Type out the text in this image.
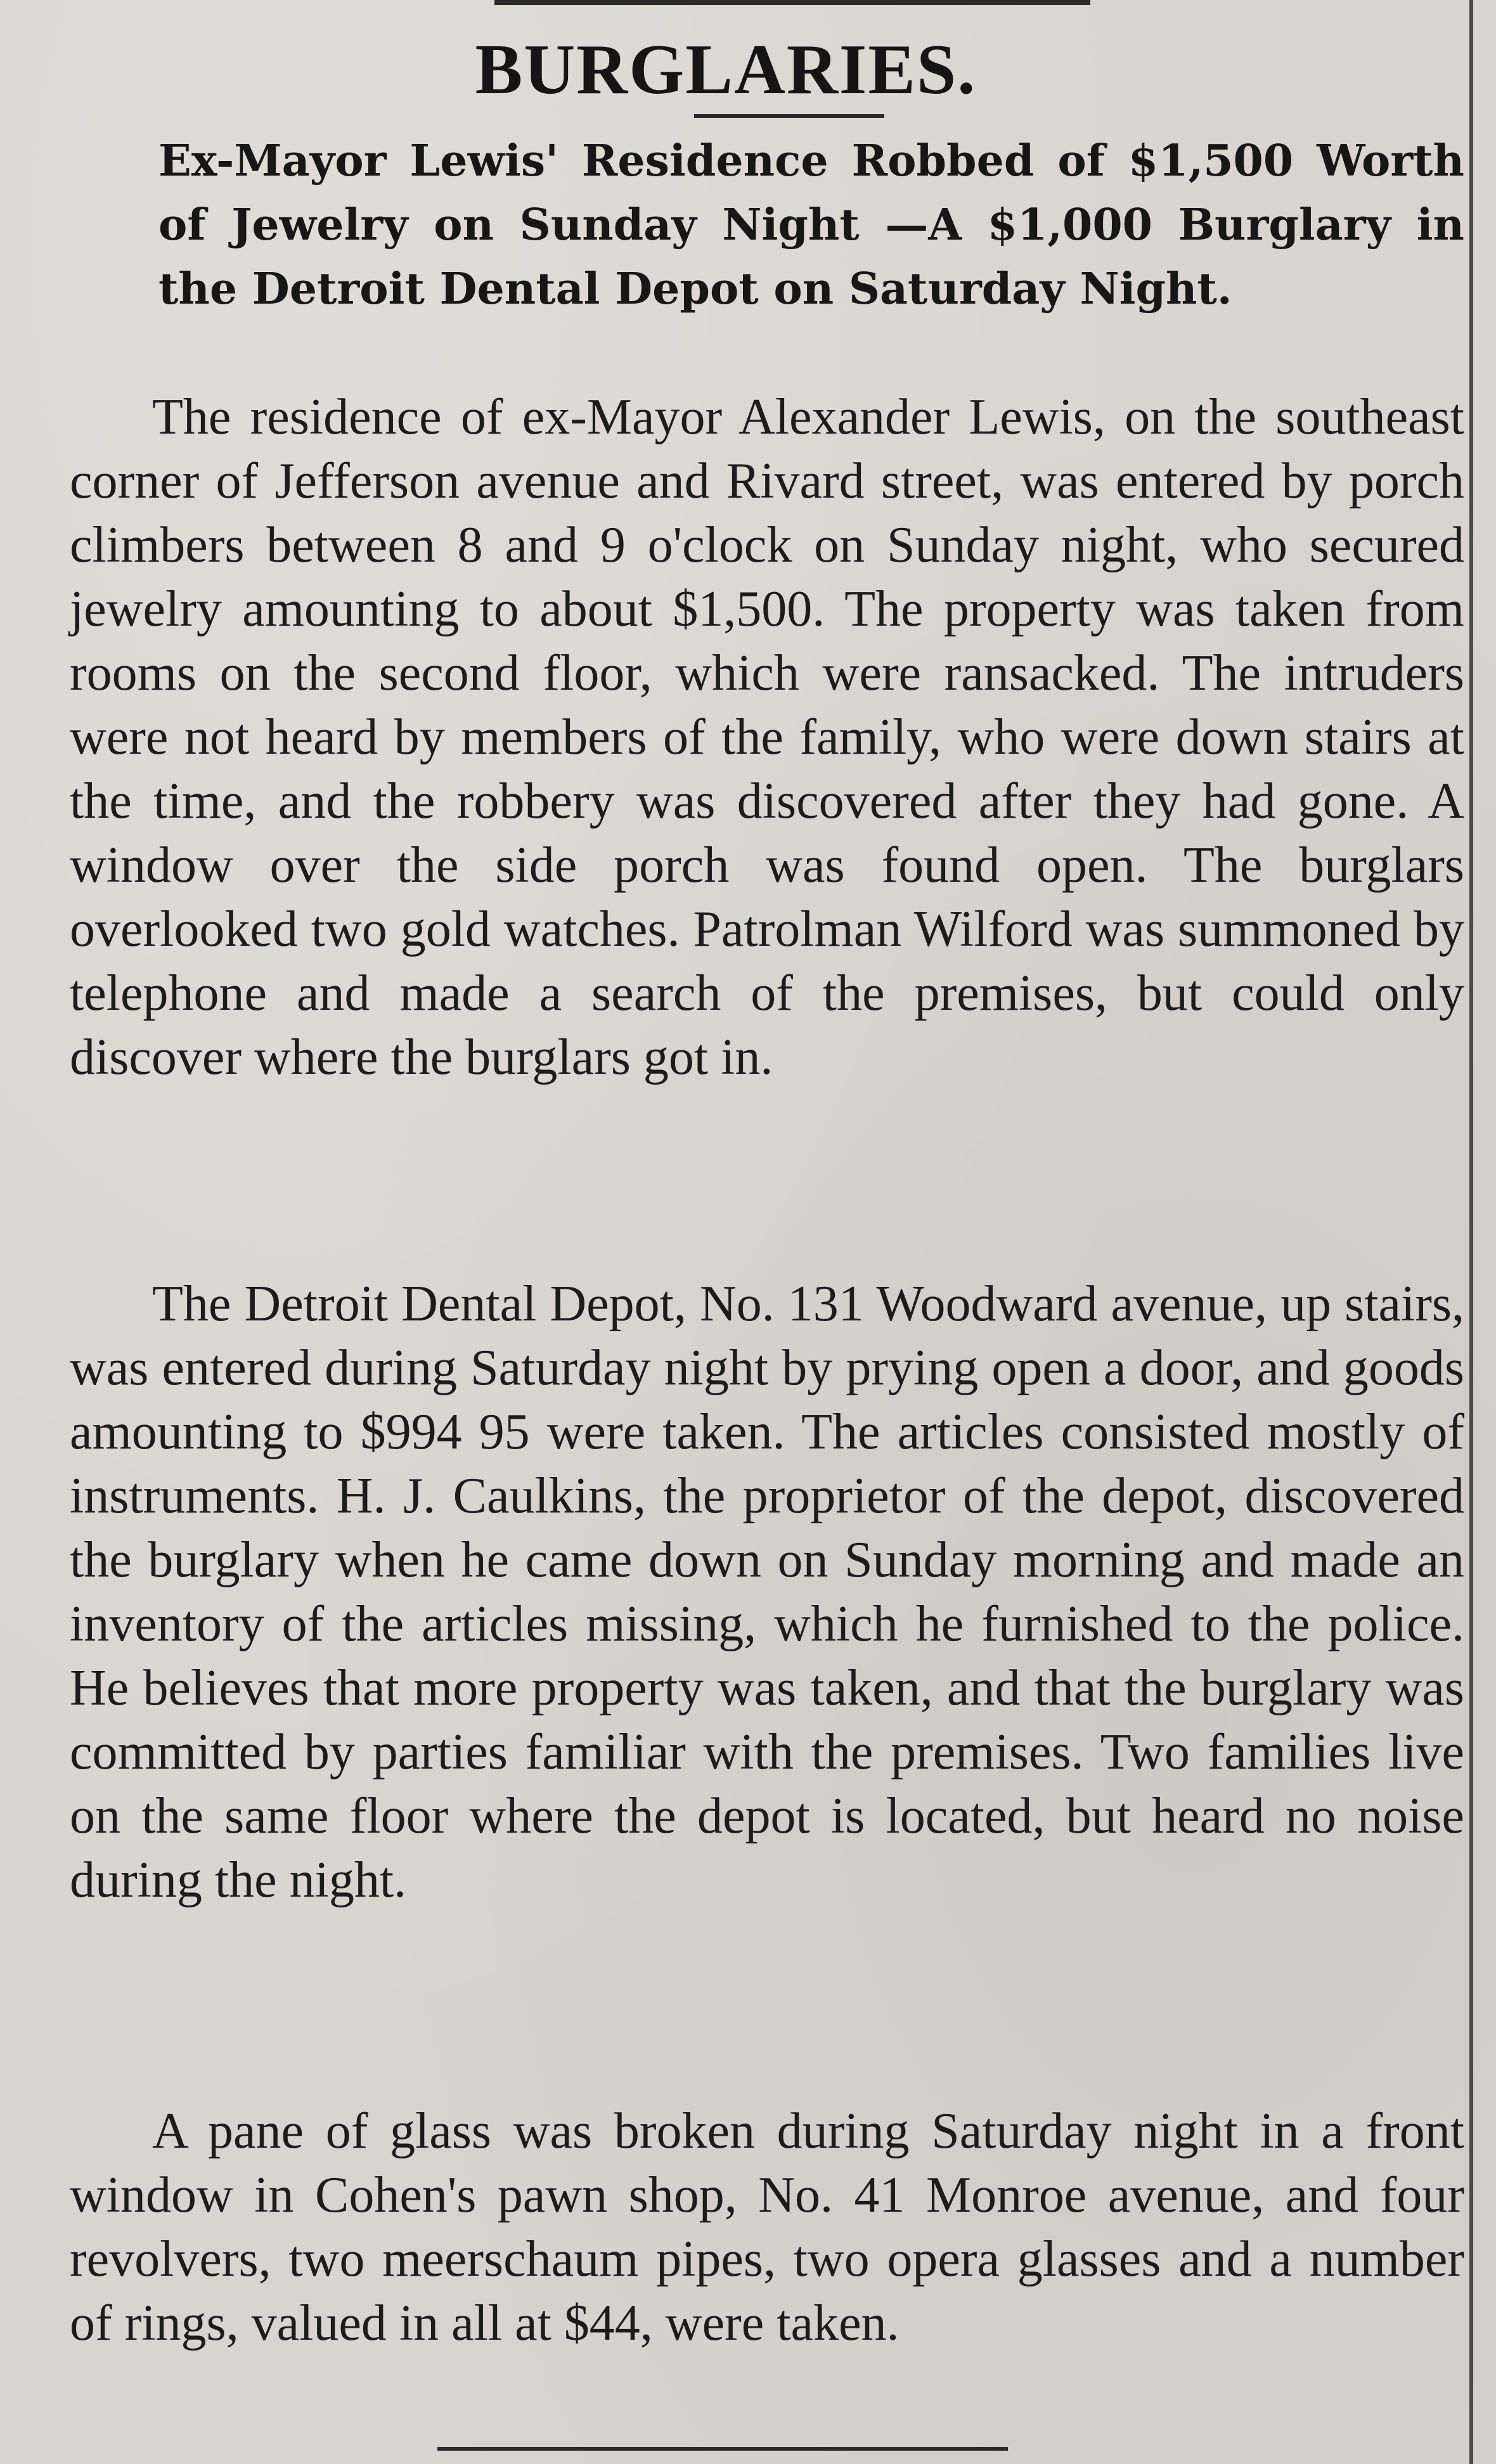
BURGLARIES.
Ex-Mayor Lewis' Residence Robbed of $1,500 Worth of Jewelry on Sunday Night —A $1,000 Burglary in the Detroit Dental Depot on Saturday Night.
The residence of ex-Mayor Alexander Lewis, on the southeast corner of Jefferson avenue and Rivard street, was entered by porch climbers between 8 and 9 o'clock on Sunday night, who secured jewelry amounting to about $1,500. The property was taken from rooms on the second floor, which were ransacked. The intruders were not heard by members of the family, who were down stairs at the time, and the robbery was discovered after they had gone. A window over the side porch was found open. The burglars overlooked two gold watches. Patrolman Wilford was summoned by telephone and made a search of the premises, but could only discover where the burglars got in.
The Detroit Dental Depot, No. 131 Woodward avenue, up stairs, was entered during Saturday night by prying open a door, and goods amounting to $994 95 were taken. The articles consisted mostly of instruments. H. J. Caulkins, the proprietor of the depot, discovered the burglary when he came down on Sunday morning and made an inventory of the articles missing, which he furnished to the police. He believes that more property was taken, and that the burglary was committed by parties familiar with the premises. Two families live on the same floor where the depot is located, but heard no noise during the night.
A pane of glass was broken during Saturday night in a front window in Cohen's pawn shop, No. 41 Monroe avenue, and four revolvers, two meerschaum pipes, two opera glasses and a number of rings, valued in all at $44, were taken.
